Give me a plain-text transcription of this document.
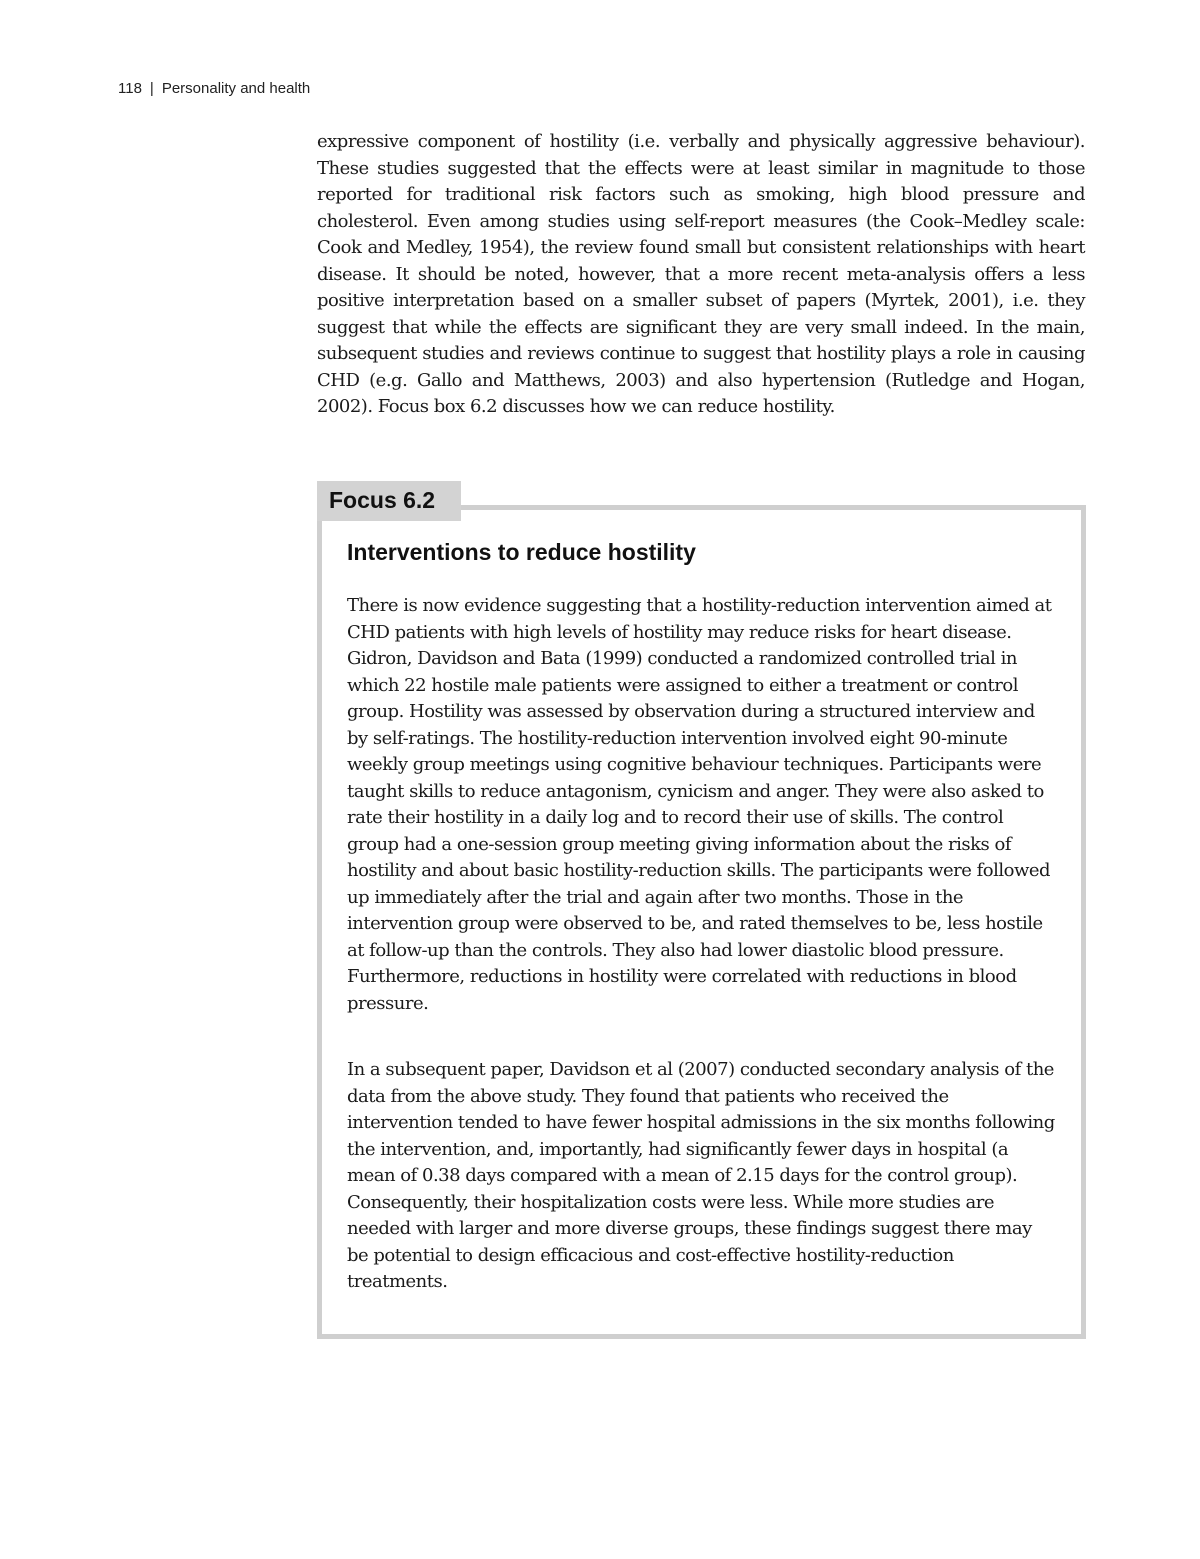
118 | Personality and health

expressive component of hostility (i.e. verbally and physically aggressive behaviour). These studies suggested that the effects were at least similar in magnitude to those reported for traditional risk factors such as smoking, high blood pressure and cholesterol. Even among studies using self-report measures (the Cook–Medley scale: Cook and Medley, 1954), the review found small but consistent relationships with heart disease. It should be noted, however, that a more recent meta-analysis offers a less positive interpretation based on a smaller subset of papers (Myrtek, 2001), i.e. they suggest that while the effects are significant they are very small indeed. In the main, subsequent studies and reviews continue to suggest that hostility plays a role in causing CHD (e.g. Gallo and Matthews, 2003) and also hypertension (Rutledge and Hogan, 2002). Focus box 6.2 discusses how we can reduce hostility.

Focus 6.2
Interventions to reduce hostility

There is now evidence suggesting that a hostility-reduction intervention aimed at CHD patients with high levels of hostility may reduce risks for heart disease. Gidron, Davidson and Bata (1999) conducted a randomized controlled trial in which 22 hostile male patients were assigned to either a treatment or control group. Hostility was assessed by observation during a structured interview and by self-ratings. The hostility-reduction intervention involved eight 90-minute weekly group meetings using cognitive behaviour techniques. Participants were taught skills to reduce antagonism, cynicism and anger. They were also asked to rate their hostility in a daily log and to record their use of skills. The control group had a one-session group meeting giving information about the risks of hostility and about basic hostility-reduction skills. The participants were followed up immediately after the trial and again after two months. Those in the intervention group were observed to be, and rated themselves to be, less hostile at follow-up than the controls. They also had lower diastolic blood pressure. Furthermore, reductions in hostility were correlated with reductions in blood pressure.

In a subsequent paper, Davidson et al (2007) conducted secondary analysis of the data from the above study. They found that patients who received the intervention tended to have fewer hospital admissions in the six months following the intervention, and, importantly, had significantly fewer days in hospital (a mean of 0.38 days compared with a mean of 2.15 days for the control group). Consequently, their hospitalization costs were less. While more studies are needed with larger and more diverse groups, these findings suggest there may be potential to design efficacious and cost-effective hostility-reduction treatments.
